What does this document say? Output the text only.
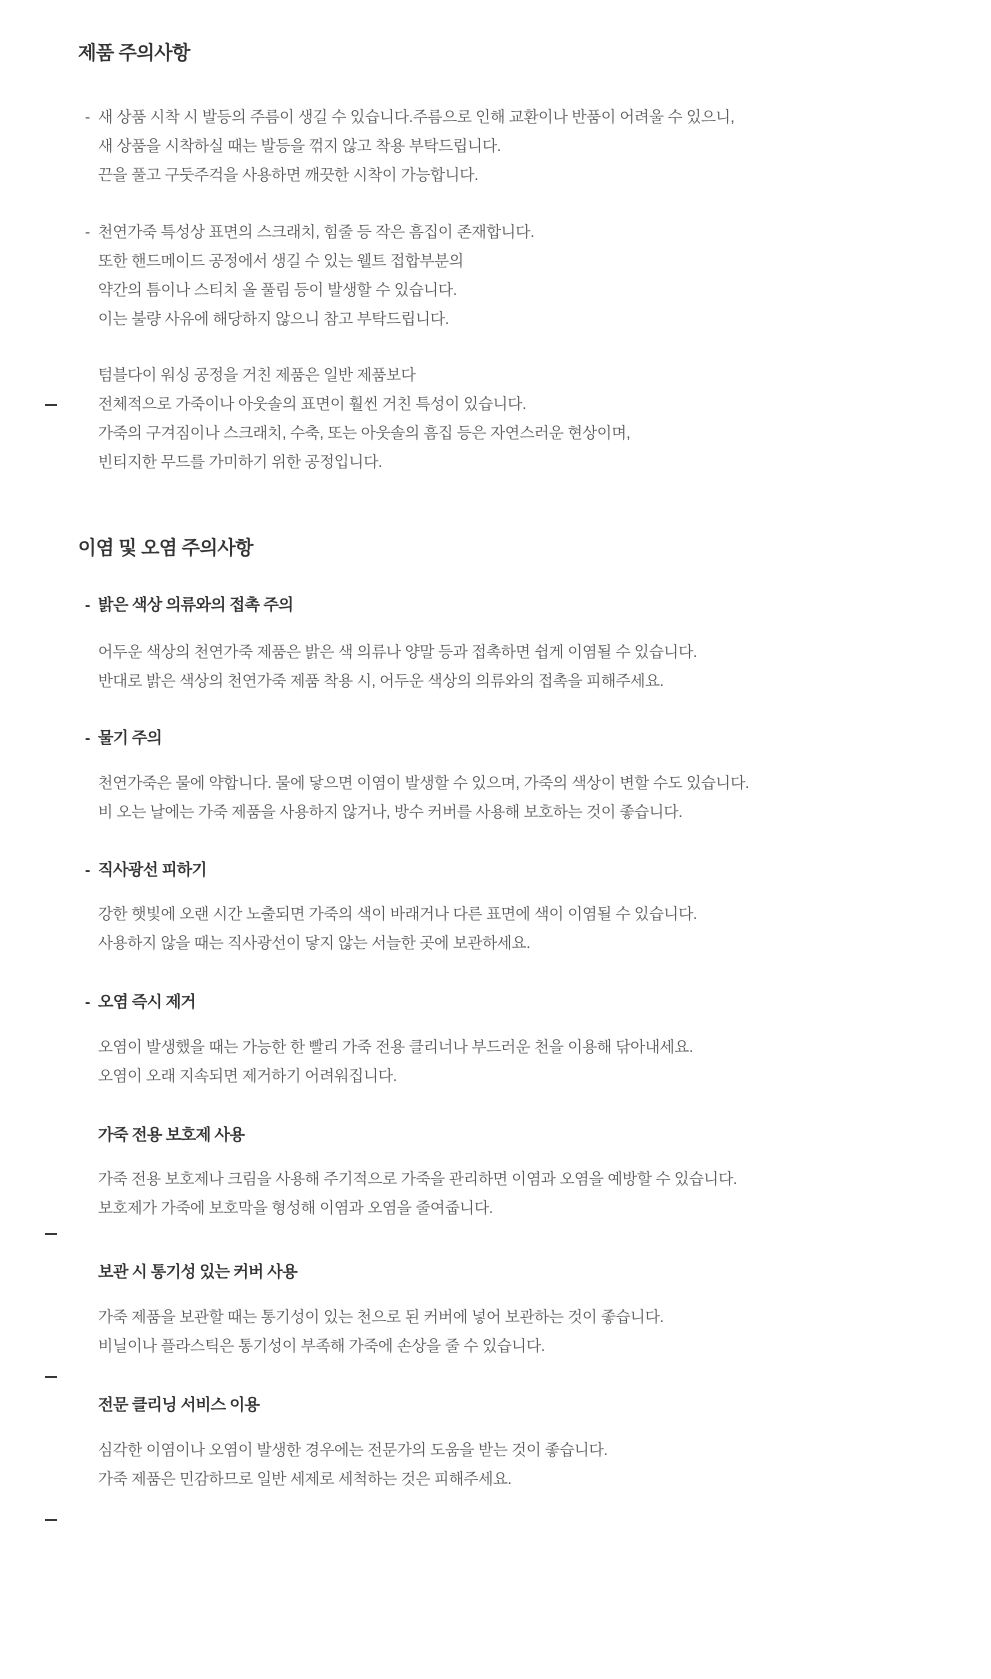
제품 주의사항
- 새 상품 시착 시 발등의 주름이 생길 수 있습니다.주름으로 인해 교환이나 반품이 어려울 수 있으니,
새 상품을 시착하실 때는 발등을 꺾지 않고 착용 부탁드립니다.
끈을 풀고 구둣주걱을 사용하면 깨끗한 시착이 가능합니다.
- 천연가죽 특성상 표면의 스크래치, 힘줄 등 작은 흠집이 존재합니다.
또한 핸드메이드 공정에서 생길 수 있는 웰트 접합부분의
약간의 틈이나 스티치 올 풀림 등이 발생할 수 있습니다.
이는 불량 사유에 해당하지 않으니 참고 부탁드립니다.
텀블다이 워싱 공정을 거친 제품은 일반 제품보다
전체적으로 가죽이나 아웃솔의 표면이 훨씬 거친 특성이 있습니다.
가죽의 구겨짐이나 스크래치, 수축, 또는 아웃솔의 흠집 등은 자연스러운 현상이며,
빈티지한 무드를 가미하기 위한 공정입니다.
이염 및 오염 주의사항
- 밝은 색상 의류와의 접촉 주의
어두운 색상의 천연가죽 제품은 밝은 색 의류나 양말 등과 접촉하면 쉽게 이염될 수 있습니다.
반대로 밝은 색상의 천연가죽 제품 착용 시, 어두운 색상의 의류와의 접촉을 피해주세요.
- 물기 주의
천연가죽은 물에 약합니다. 물에 닿으면 이염이 발생할 수 있으며, 가죽의 색상이 변할 수도 있습니다.
비 오는 날에는 가죽 제품을 사용하지 않거나, 방수 커버를 사용해 보호하는 것이 좋습니다.
- 직사광선 피하기
강한 햇빛에 오랜 시간 노출되면 가죽의 색이 바래거나 다른 표면에 색이 이염될 수 있습니다.
사용하지 않을 때는 직사광선이 닿지 않는 서늘한 곳에 보관하세요.
- 오염 즉시 제거
오염이 발생했을 때는 가능한 한 빨리 가죽 전용 클리너나 부드러운 천을 이용해 닦아내세요.
오염이 오래 지속되면 제거하기 어려워집니다.
가죽 전용 보호제 사용
가죽 전용 보호제나 크림을 사용해 주기적으로 가죽을 관리하면 이염과 오염을 예방할 수 있습니다.
보호제가 가죽에 보호막을 형성해 이염과 오염을 줄여줍니다.
보관 시 통기성 있는 커버 사용
가죽 제품을 보관할 때는 통기성이 있는 천으로 된 커버에 넣어 보관하는 것이 좋습니다.
비닐이나 플라스틱은 통기성이 부족해 가죽에 손상을 줄 수 있습니다.
전문 클리닝 서비스 이용
심각한 이염이나 오염이 발생한 경우에는 전문가의 도움을 받는 것이 좋습니다.
가죽 제품은 민감하므로 일반 세제로 세척하는 것은 피해주세요.
